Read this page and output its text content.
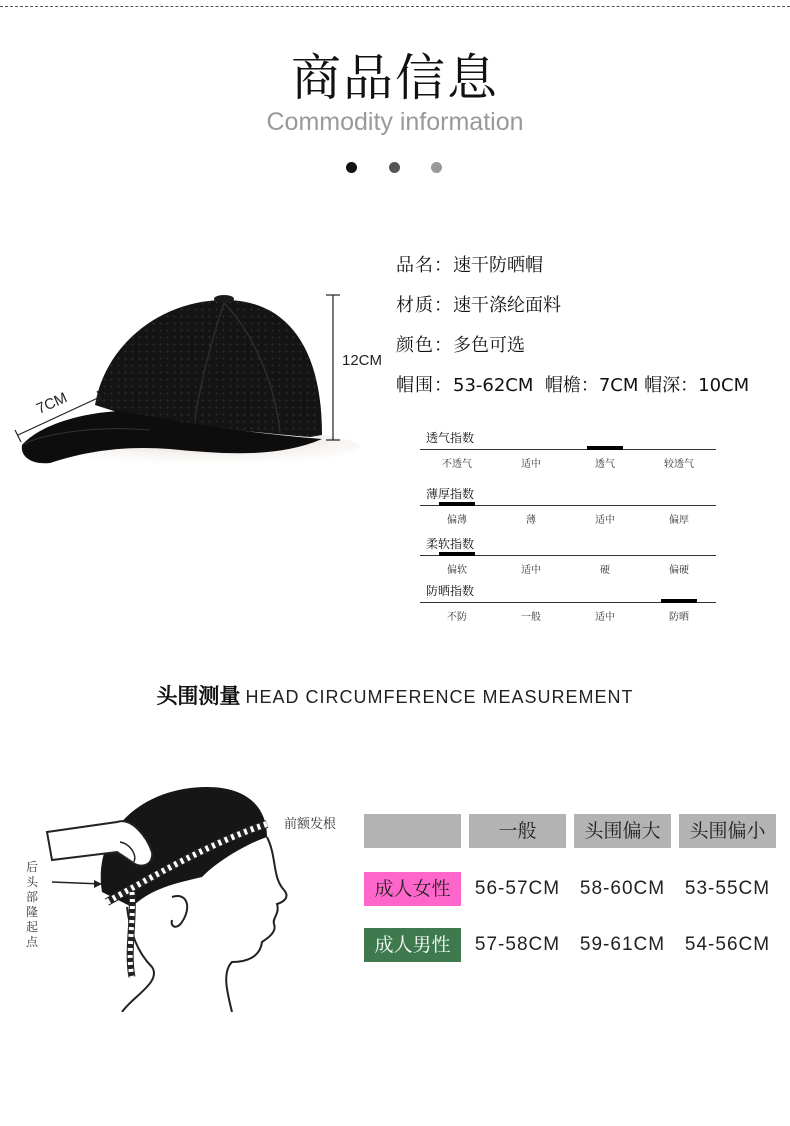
商品信息
Commodity information
12CM
7CM
品名：速干防晒帽
材质：速干涤纶面料
颜色：多色可选
帽围：53-62CM  帽檐：7CM 帽深：10CM
透气指数
不透气	适中	透气	较透气
薄厚指数
偏薄	薄	适中	偏厚
柔软指数
偏软	适中	硬	偏硬
防晒指数
不防	一般	适中	防晒
头围测量 HEAD CIRCUMFERENCE MEASUREMENT
后头部隆起点
前额发根	一般	头围偏大	头围偏小
成人女性	56-57CM	58-60CM	53-55CM
成人男性	57-58CM	59-61CM	54-56CM
